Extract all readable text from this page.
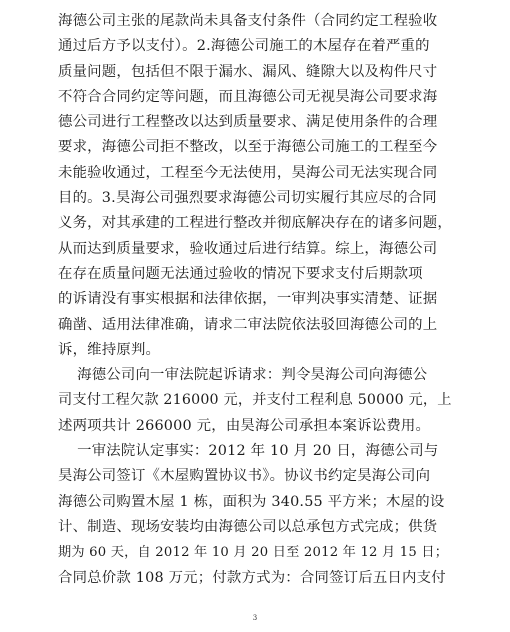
海德公司主张的尾款尚未具备支付条件（合同约定工程验收
通过后方予以支付）。2.海德公司施工的木屋存在着严重的
质量问题，包括但不限于漏水、漏风、缝隙大以及构件尺寸
不符合合同约定等问题，而且海德公司无视昊海公司要求海
德公司进行工程整改以达到质量要求、满足使用条件的合理
要求，海德公司拒不整改，以至于海德公司施工的工程至今
未能验收通过，工程至今无法使用，昊海公司无法实现合同
目的。3.昊海公司强烈要求海德公司切实履行其应尽的合同
义务，对其承建的工程进行整改并彻底解决存在的诸多问题，
从而达到质量要求，验收通过后进行结算。综上，海德公司
在存在质量问题无法通过验收的情况下要求支付后期款项
的诉请没有事实根据和法律依据，一审判决事实清楚、证据
确凿、适用法律准确，请求二审法院依法驳回海德公司的上
诉，维持原判。
海德公司向一审法院起诉请求：判令昊海公司向海德公
司支付工程欠款 216000 元，并支付工程利息 50000 元，上
述两项共计 266000 元，由昊海公司承担本案诉讼费用。
一审法院认定事实：2012 年 10 月 20 日，海德公司与
昊海公司签订《木屋购置协议书》。协议书约定昊海公司向
海德公司购置木屋 1 栋，面积为 340.55 平方米；木屋的设
计、制造、现场安装均由海德公司以总承包方式完成；供货
期为 60 天，自 2012 年 10 月 20 日至 2012 年 12 月 15 日；
合同总价款 108 万元；付款方式为：合同签订后五日内支付
3
